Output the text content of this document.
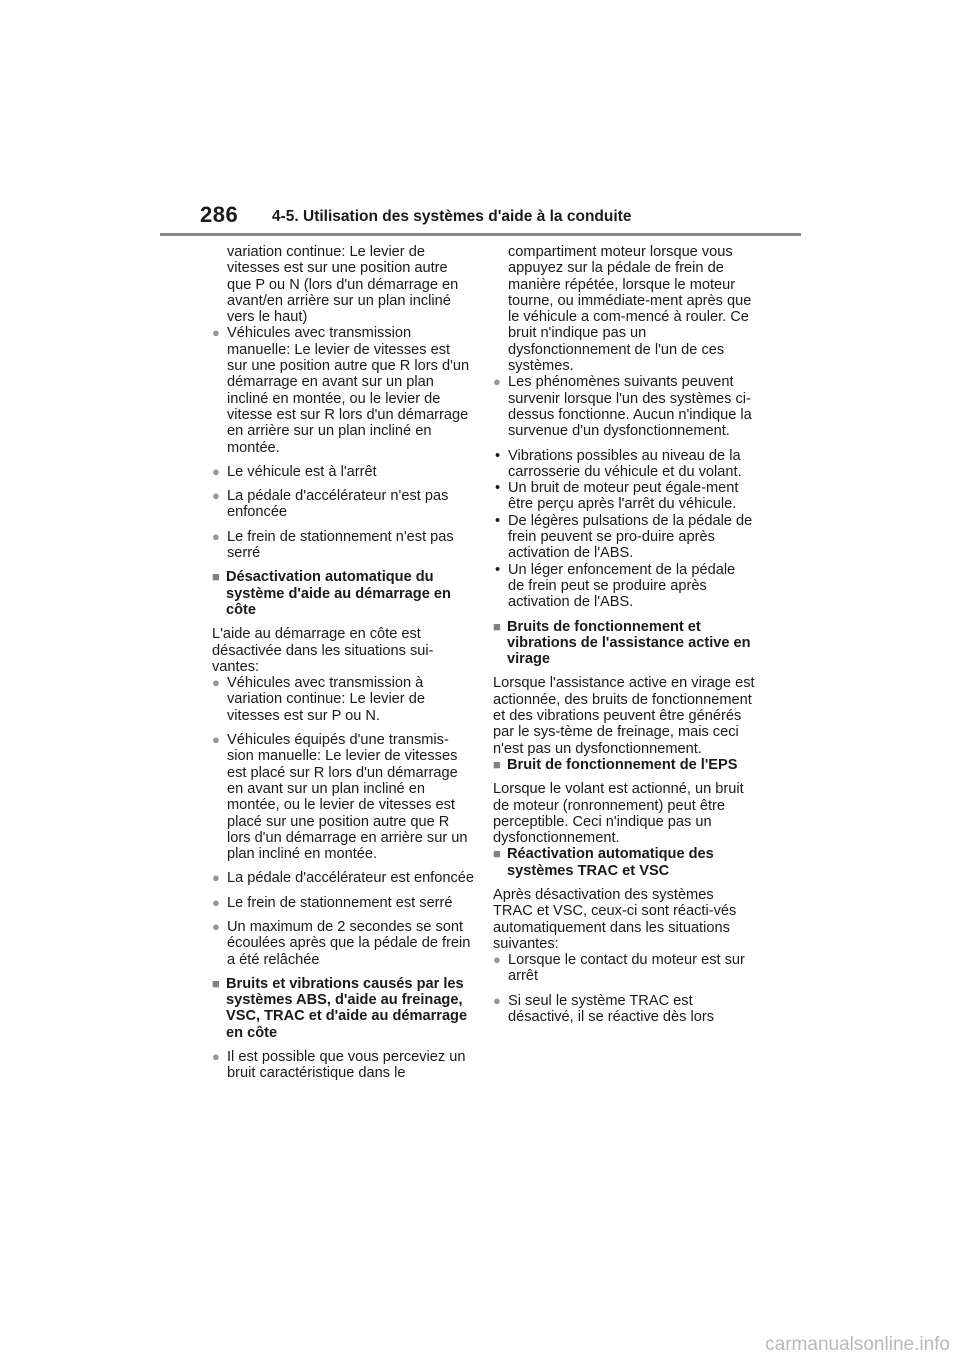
286 4-5. Utilisation des systèmes d'aide à la conduite

variation continue: Le levier de vitesses est sur une position autre que P ou N (lors d'un démarrage en avant/en arrière sur un plan incliné vers le haut)

● Véhicules avec transmission manuelle: Le levier de vitesses est sur une position autre que R lors d'un démarrage en avant sur un plan incliné en montée, ou le levier de vitesse est sur R lors d'un démarrage en arrière sur un plan incliné en montée.
● Le véhicule est à l'arrêt
● La pédale d'accélérateur n'est pas enfoncée
● Le frein de stationnement n'est pas serré
■ Désactivation automatique du système d'aide au démarrage en côte

L'aide au démarrage en côte est désactivée dans les situations sui-vantes:

● Véhicules avec transmission à variation continue: Le levier de vitesses est sur P ou N.
● Véhicules équipés d'une transmis-sion manuelle: Le levier de vitesses est placé sur R lors d'un démarrage en avant sur un plan incliné en montée, ou le levier de vitesses est placé sur une position autre que R lors d'un démarrage en arrière sur un plan incliné en montée.
● La pédale d'accélérateur est enfoncée
● Le frein de stationnement est serré
● Un maximum de 2 secondes se sont écoulées après que la pédale de frein a été relâchée
■ Bruits et vibrations causés par les systèmes ABS, d'aide au freinage, VSC, TRAC et d'aide au démarrage en côte
● Il est possible que vous perceviez un bruit caractéristique dans le

compartiment moteur lorsque vous appuyez sur la pédale de frein de manière répétée, lorsque le moteur tourne, ou immédiate-ment après que le véhicule a com-mencé à rouler. Ce bruit n'indique pas un dysfonctionnement de l'un de ces systèmes.

● Les phénomènes suivants peuvent survenir lorsque l'un des systèmes ci-dessus fonctionne. Aucun n'indique la survenue d'un dysfonctionnement.
• Vibrations possibles au niveau de la carrosserie du véhicule et du volant.
• Un bruit de moteur peut égale-ment être perçu après l'arrêt du véhicule.
• De légères pulsations de la pédale de frein peuvent se pro-duire après activation de l'ABS.
• Un léger enfoncement de la pédale de frein peut se produire après activation de l'ABS.
■ Bruits de fonctionnement et vibrations de l'assistance active en virage

Lorsque l'assistance active en virage est actionnée, des bruits de fonctionnement et des vibrations peuvent être générés par le sys-tème de freinage, mais ceci n'est pas un dysfonctionnement.

■ Bruit de fonctionnement de l'EPS

Lorsque le volant est actionné, un bruit de moteur (ronronnement) peut être perceptible. Ceci n'indique pas un dysfonctionnement.

■ Réactivation automatique des systèmes TRAC et VSC

Après désactivation des systèmes TRAC et VSC, ceux-ci sont réacti-vés automatiquement dans les situations suivantes:

● Lorsque le contact du moteur est sur arrêt
● Si seul le système TRAC est désactivé, il se réactive dès lors
carmanualsonline.info
